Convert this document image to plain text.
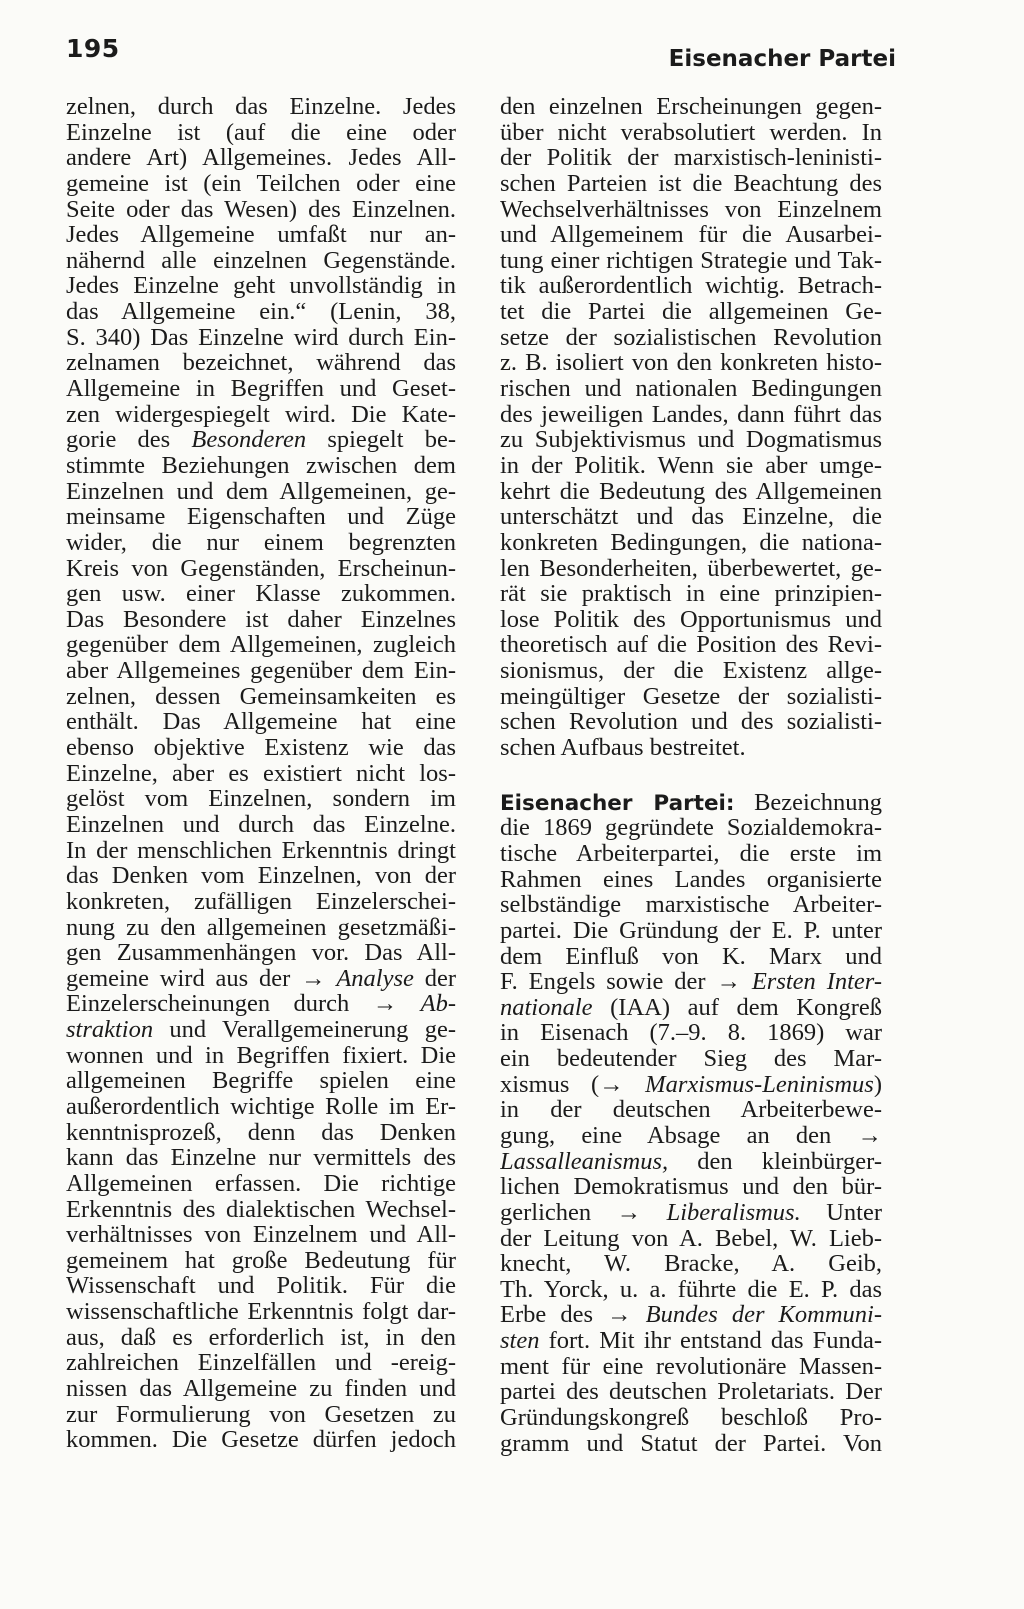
195	Eisenacher Partei
zelnen, durch das Einzelne. Jedes
Einzelne ist (auf die eine oder
andere Art) Allgemeines. Jedes All-
gemeine ist (ein Teilchen oder eine
Seite oder das Wesen) des Einzelnen.
Jedes Allgemeine umfaßt nur an-
nähernd alle einzelnen Gegenstände.
Jedes Einzelne geht unvollständig in
das Allgemeine ein.“ (Lenin, 38,
S. 340) Das Einzelne wird durch Ein-
zelnamen bezeichnet, während das
Allgemeine in Begriffen und Geset-
zen widergespiegelt wird. Die Kate-
gorie des Besonderen spiegelt be-
stimmte Beziehungen zwischen dem
Einzelnen und dem Allgemeinen, ge-
meinsame Eigenschaften und Züge
wider, die nur einem begrenzten
Kreis von Gegenständen, Erscheinun-
gen usw. einer Klasse zukommen.
Das Besondere ist daher Einzelnes
gegenüber dem Allgemeinen, zugleich
aber Allgemeines gegenüber dem Ein-
zelnen, dessen Gemeinsamkeiten es
enthält. Das Allgemeine hat eine
ebenso objektive Existenz wie das
Einzelne, aber es existiert nicht los-
gelöst vom Einzelnen, sondern im
Einzelnen und durch das Einzelne.
In der menschlichen Erkenntnis dringt
das Denken vom Einzelnen, von der
konkreten, zufälligen Einzelerschei-
nung zu den allgemeinen gesetzmäßi-
gen Zusammenhängen vor. Das All-
gemeine wird aus der → Analyse der
Einzelerscheinungen durch → Ab-
straktion und Verallgemeinerung ge-
wonnen und in Begriffen fixiert. Die
allgemeinen Begriffe spielen eine
außerordentlich wichtige Rolle im Er-
kenntnisprozeß, denn das Denken
kann das Einzelne nur vermittels des
Allgemeinen erfassen. Die richtige
Erkenntnis des dialektischen Wechsel-
verhältnisses von Einzelnem und All-
gemeinem hat große Bedeutung für
Wissenschaft und Politik. Für die
wissenschaftliche Erkenntnis folgt dar-
aus, daß es erforderlich ist, in den
zahlreichen Einzelfällen und -ereig-
nissen das Allgemeine zu finden und
zur Formulierung von Gesetzen zu
kommen. Die Gesetze dürfen jedoch
den einzelnen Erscheinungen gegen-
über nicht verabsolutiert werden. In
der Politik der marxistisch-leninisti-
schen Parteien ist die Beachtung des
Wechselverhältnisses von Einzelnem
und Allgemeinem für die Ausarbei-
tung einer richtigen Strategie und Tak-
tik außerordentlich wichtig. Betrach-
tet die Partei die allgemeinen Ge-
setze der sozialistischen Revolution
z. B. isoliert von den konkreten histo-
rischen und nationalen Bedingungen
des jeweiligen Landes, dann führt das
zu Subjektivismus und Dogmatismus
in der Politik. Wenn sie aber umge-
kehrt die Bedeutung des Allgemeinen
unterschätzt und das Einzelne, die
konkreten Bedingungen, die nationa-
len Besonderheiten, überbewertet, ge-
rät sie praktisch in eine prinzipien-
lose Politik des Opportunismus und
theoretisch auf die Position des Revi-
sionismus, der die Existenz allge-
meingültiger Gesetze der sozialisti-
schen Revolution und des sozialisti-
schen Aufbaus bestreitet.
Eisenacher Partei: Bezeichnung
die 1869 gegründete Sozialdemokra-
tische Arbeiterpartei, die erste im
Rahmen eines Landes organisierte
selbständige marxistische Arbeiter-
partei. Die Gründung der E. P. unter
dem Einfluß von K. Marx und
F. Engels sowie der → Ersten Inter-
nationale (IAA) auf dem Kongreß
in Eisenach (7.–9. 8. 1869) war
ein bedeutender Sieg des Mar-
xismus (→ Marxismus-Leninismus)
in der deutschen Arbeiterbewe-
gung, eine Absage an den →
Lassalleanismus, den kleinbürger-
lichen Demokratismus und den bür-
gerlichen → Liberalismus. Unter
der Leitung von A. Bebel, W. Lieb-
knecht, W. Bracke, A. Geib,
Th. Yorck, u. a. führte die E. P. das
Erbe des → Bundes der Kommuni-
sten fort. Mit ihr entstand das Funda-
ment für eine revolutionäre Massen-
partei des deutschen Proletariats. Der
Gründungskongreß beschloß Pro-
gramm und Statut der Partei. Von
